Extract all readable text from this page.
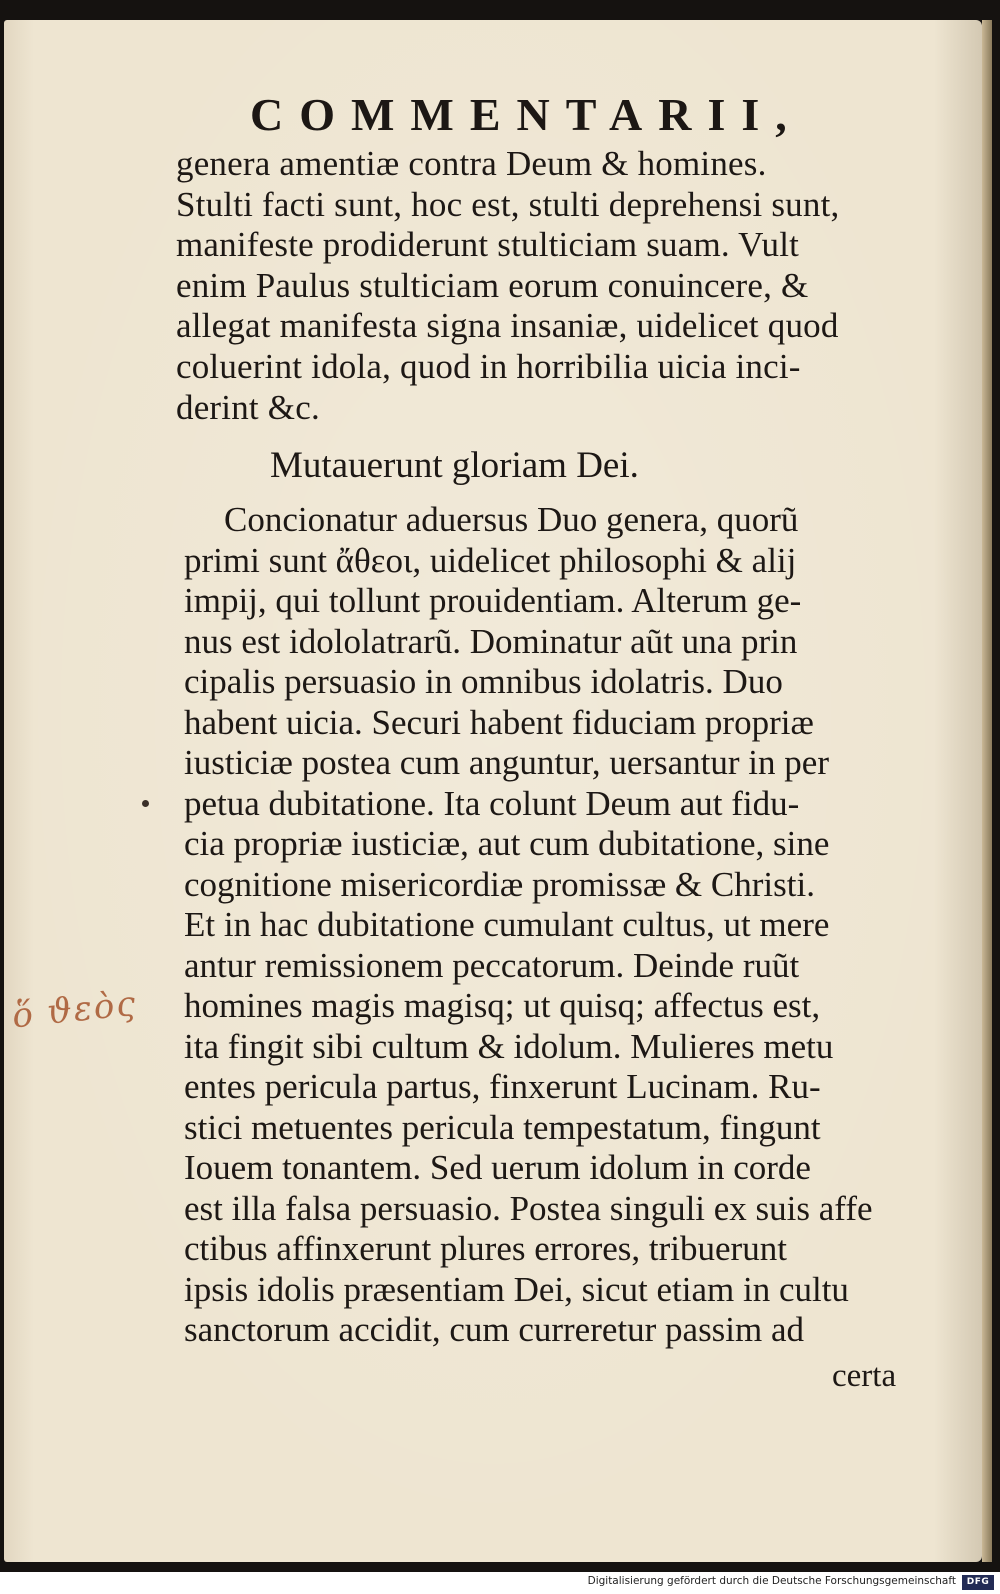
COMMENTARII,
genera amentiæ contra Deum & homines.
Stulti facti sunt, hoc est, stulti deprehensi sunt,
manifeste prodiderunt stulticiam suam. Vult
enim Paulus stulticiam eorum conuincere, &
allegat manifesta signa insaniæ, uidelicet quod
coluerint idola, quod in horribilia uicia inci-
derint &c.
Mutauerunt gloriam Dei.
Concionatur aduersus Duo genera, quorũ
primi sunt ἄθεοι, uidelicet philosophi & alij
impij, qui tollunt prouidentiam. Alterum ge-
nus est idololatrarũ. Dominatur aũt una prin
cipalis persuasio in omnibus idolatris. Duo
habent uicia. Securi habent fiduciam propriæ
iusticiæ postea cum anguntur, uersantur in per
petua dubitatione. Ita colunt Deum aut fidu-
cia propriæ iusticiæ, aut cum dubitatione, sine
cognitione misericordiæ promissæ & Christi.
Et in hac dubitatione cumulant cultus, ut mere
antur remissionem peccatorum. Deinde ruũt
homines magis magisq; ut quisq; affectus est,
ita fingit sibi cultum & idolum. Mulieres metu
entes pericula partus, finxerunt Lucinam. Ru-
stici metuentes pericula tempestatum, fingunt
Iouem tonantem. Sed uerum idolum in corde
est illa falsa persuasio. Postea singuli ex suis affe
ctibus affinxerunt plures errores, tribuerunt
ipsis idolis præsentiam Dei, sicut etiam in cultu
sanctorum accidit, cum curreretur passim ad
certa
ὅ ϑεὸς
Digitalisierung gefördert durch die Deutsche Forschungsgemeinschaft	DFG
